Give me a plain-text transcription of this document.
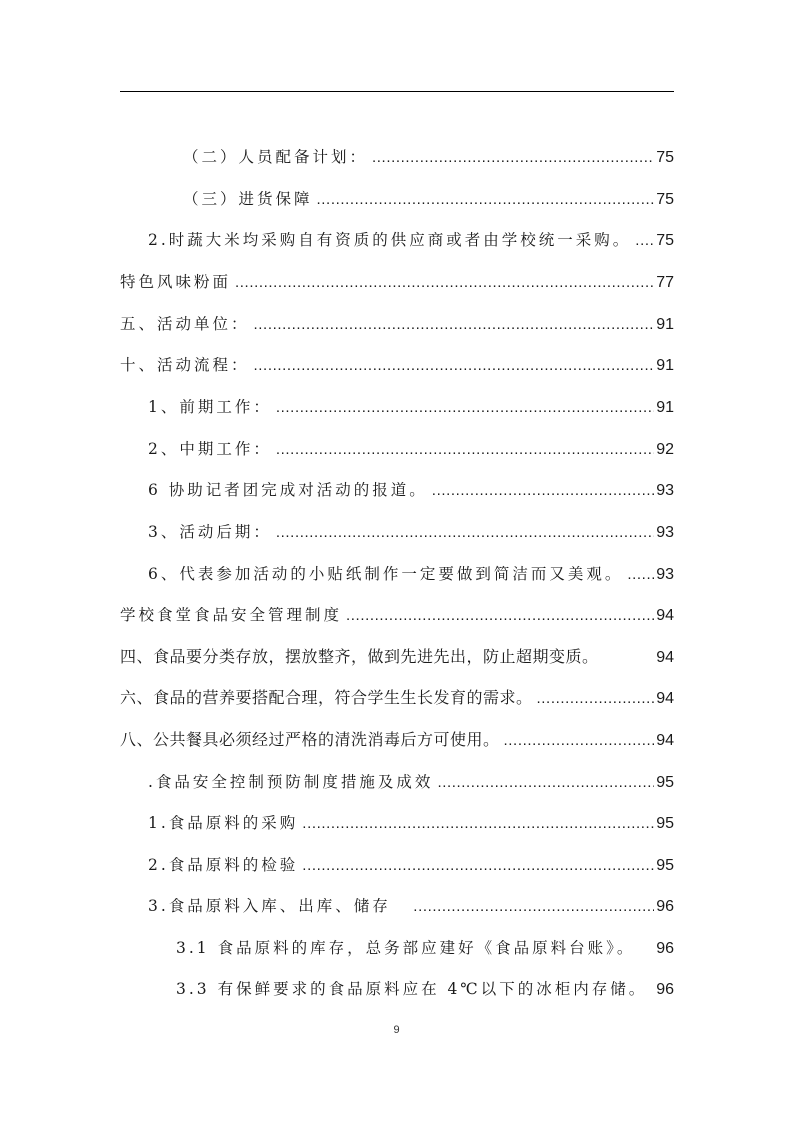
（二）人员配备计划： .....	75
（三）进货保障 .....	75
2.时蔬大米均采购自有资质的供应商或者由学校统一采购。 ..... 75
特色风味粉面 .....	77
五、活动单位： .....	91
十、活动流程： .....	91
1、前期工作： .....	91
2、中期工作： .....	92
6 协助记者团完成对活动的报道。 .....	93
3、活动后期： .....	93
6、代表参加活动的小贴纸制作一定要做到简洁而又美观。 ..... 93
学校食堂食品安全管理制度 .....	94
四、食品要分类存放，摆放整齐，做到先进先出，防止超期变质。	94
六、食品的营养要搭配合理，符合学生生长发育的需求。 .....	94
八、公共餐具必须经过严格的清洗消毒后方可使用。 .....	94
.食品安全控制预防制度措施及成效 .....	95
1.食品原料的采购 .....	95
2.食品原料的检验 .....	95
3.食品原料入库、出库、储存　 .....	96
3.1 食品原料的库存，总务部应建好《食品原料台账》。 96
3.3 有保鲜要求的食品原料应在 4℃以下的冰柜内存储。 96
9
